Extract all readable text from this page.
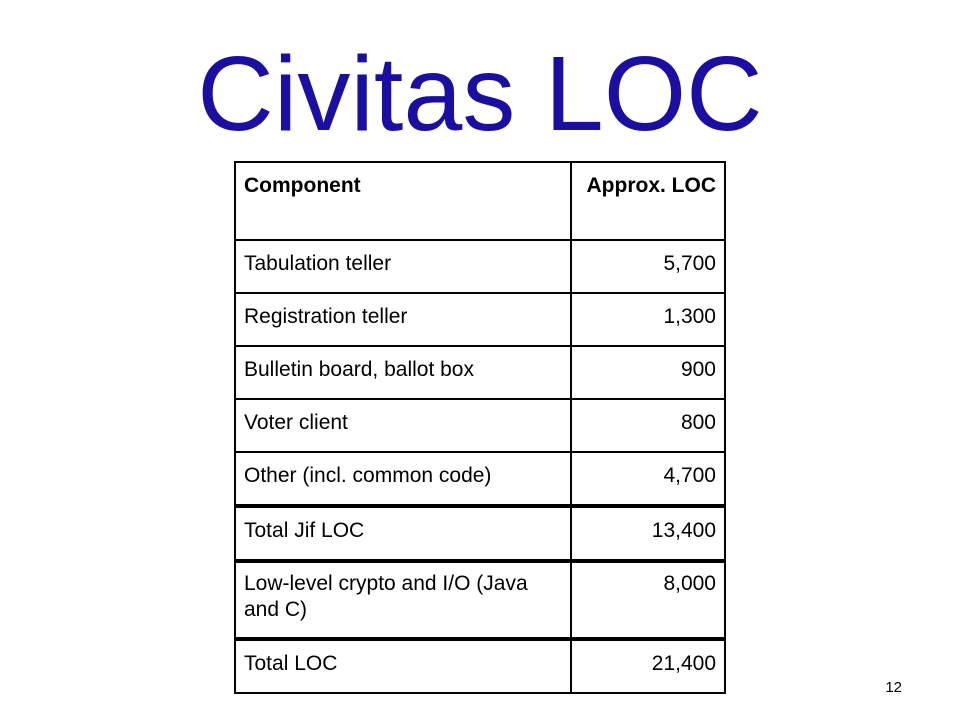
Civitas LOC
Component	Approx. LOC
Tabulation teller	5,700
Registration teller	1,300
Bulletin board, ballot box	900
Voter client	800
Other (incl. common code)	4,700
Total Jif LOC	13,400
Low-level crypto and I/O (Java and C)	8,000
Total LOC	21,400
12
